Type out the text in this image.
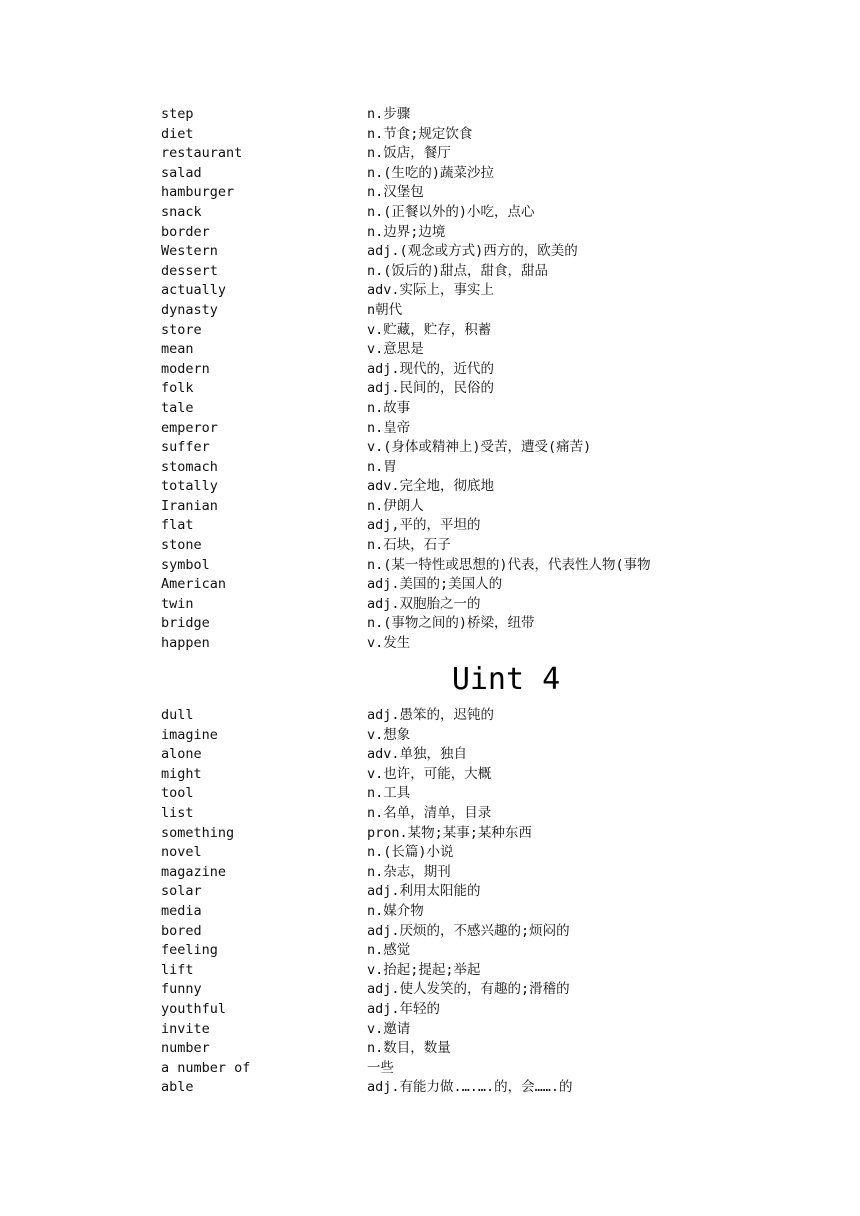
step	n.步骤
diet	n.节食;规定饮食
restaurant	n.饭店，餐厅
salad	n.(生吃的)蔬菜沙拉
hamburger	n.汉堡包
snack	n.(正餐以外的)小吃，点心
border	n.边界;边境
Western	adj.(观念或方式)西方的，欧美的
dessert	n.(饭后的)甜点，甜食，甜品
actually	adv.实际上，事实上
dynasty	n朝代
store	v.贮藏，贮存，积蓄
mean	v.意思是
modern	adj.现代的，近代的
folk	adj.民间的，民俗的
tale	n.故事
emperor	n.皇帝
suffer	v.(身体或精神上)受苦，遭受(痛苦)
stomach	n.胃
totally	adv.完全地，彻底地
Iranian	n.伊朗人
flat	adj,平的，平坦的
stone	n.石块，石子
symbol	n.(某一特性或思想的)代表，代表性人物(事物
American	adj.美国的;美国人的
twin	adj.双胞胎之一的
bridge	n.(事物之间的)桥梁，纽带
happen	v.发生
Uint 4
dull	adj.愚笨的，迟钝的
imagine	v.想象
alone	adv.单独，独自
might	v.也许，可能，大概
tool	n.工具
list	n.名单，清单，目录
something	pron.某物;某事;某种东西
novel	n.(长篇)小说
magazine	n.杂志，期刊
solar	adj.利用太阳能的
media	n.媒介物
bored	adj.厌烦的，不感兴趣的;烦闷的
feeling	n.感觉
lift	v.抬起;提起;举起
funny	adj.使人发笑的，有趣的;滑稽的
youthful	adj.年轻的
invite	v.邀请
number	n.数目，数量
a number of	一些
able	adj.有能力做.….….的，会…….的
